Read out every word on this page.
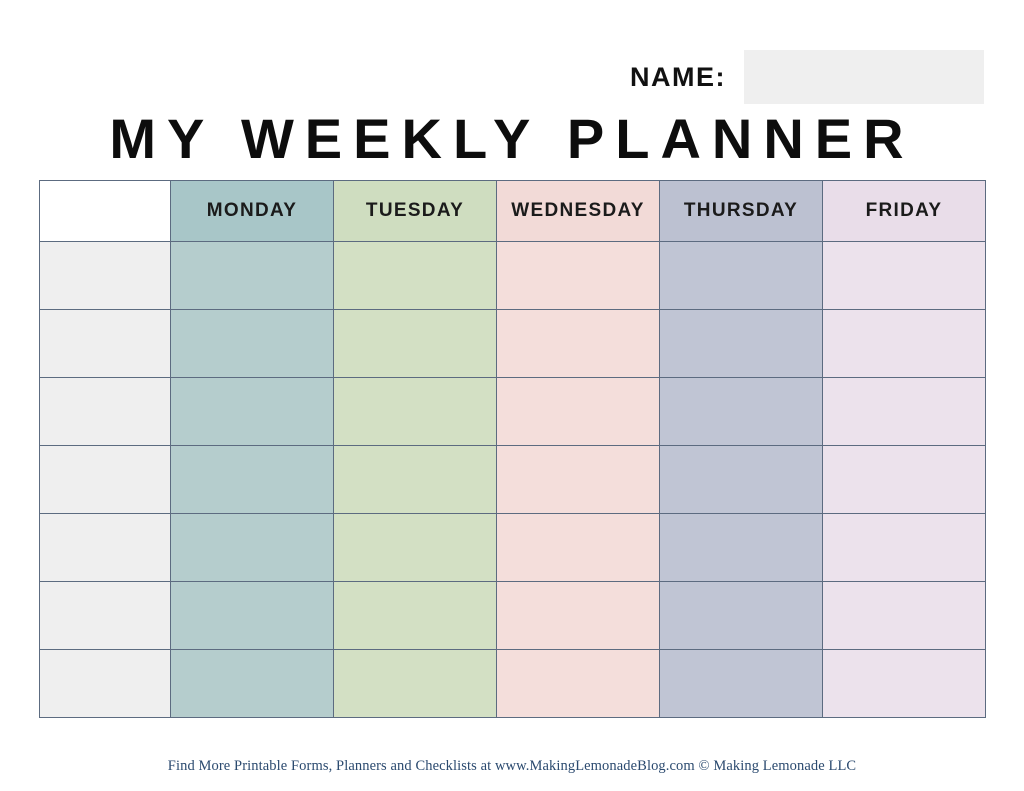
NAME:
MY WEEKLY PLANNER
	MONDAY	TUESDAY	WEDNESDAY	THURSDAY	FRIDAY

Find More Printable Forms, Planners and Checklists at www.MakingLemonadeBlog.com © Making Lemonade LLC
